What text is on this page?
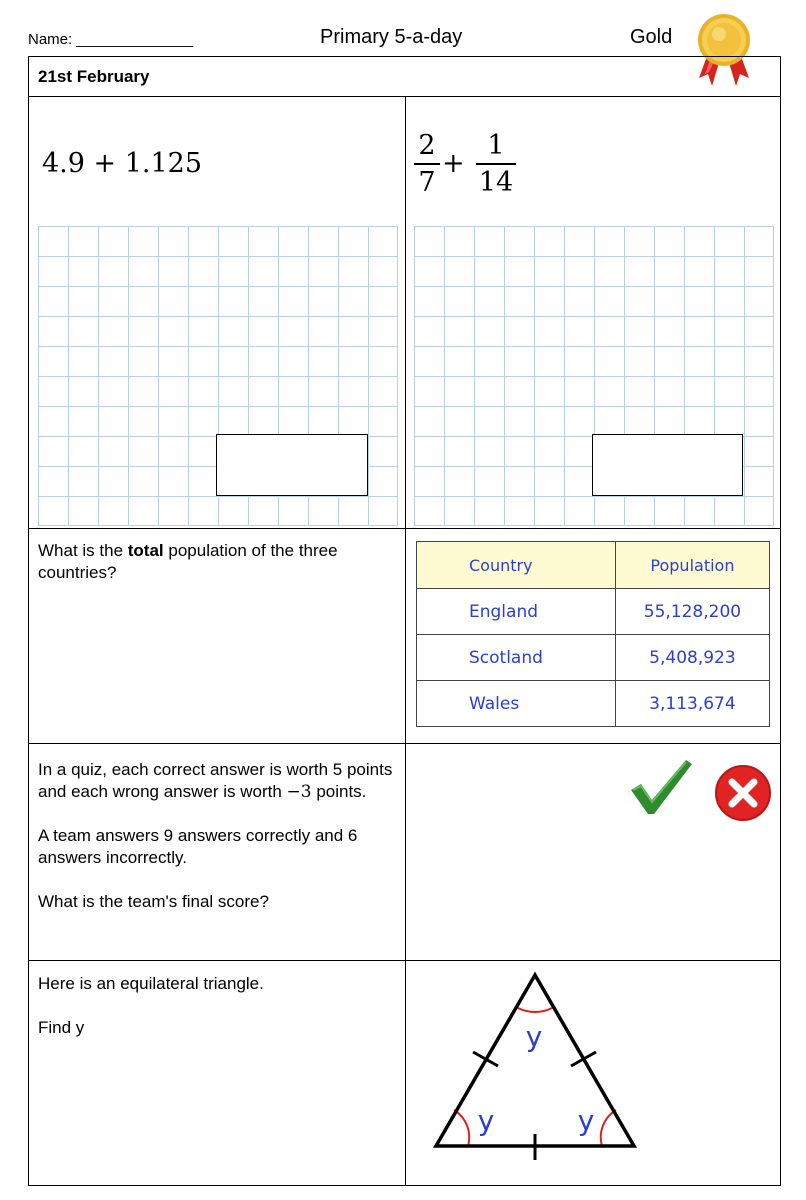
Name: ______________	Primary 5-a-day	Gold
21st February
4.9 + 1.125
2
7
+
1
14
What is the total population of the three countries?	Country	Population
England	55,128,200
Scotland	5,408,923
Wales	3,113,674

In a quiz, each correct answer is worth 5 points and each wrong answer is worth −3 points.

A team answers 9 answers correctly and 6 answers incorrectly.

What is the team's final score?

Here is an equilateral triangle.

Find y	y
y	y
